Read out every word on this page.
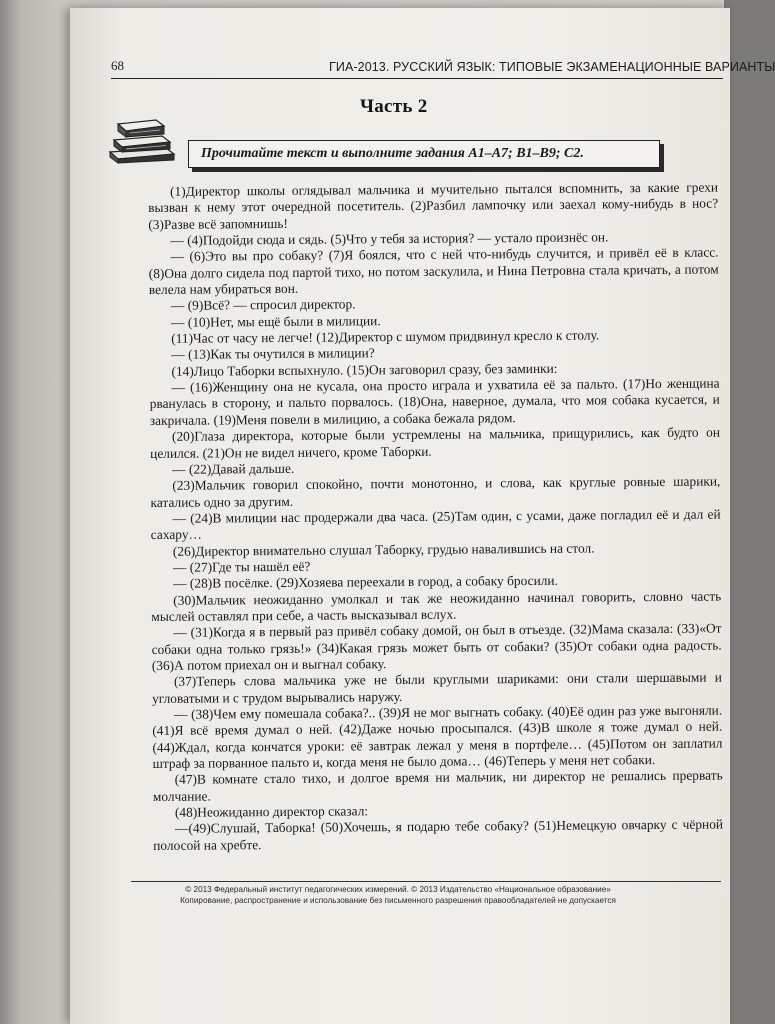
68	ГИА-2013. РУССКИЙ ЯЗЫК: ТИПОВЫЕ ЭКЗАМЕНАЦИОННЫЕ ВАРИАНТЫ
Часть 2
Прочитайте текст и выполните задания A1–A7; B1–B9; C2.

(1)Директор школы оглядывал мальчика и мучительно пытался вспомнить, за какие грехи вызван к нему этот очередной посетитель. (2)Разбил лампочку или заехал кому-нибудь в нос? (3)Разве всё запомнишь!

— (4)Подойди сюда и сядь. (5)Что у тебя за история? — устало произнёс он.

— (6)Это вы про собаку? (7)Я боялся, что с ней что-нибудь случится, и привёл её в класс. (8)Она долго сидела под партой тихо, но потом заскулила, и Нина Петровна стала кричать, а потом велела нам убираться вон.

— (9)Всё? — спросил директор.

— (10)Нет, мы ещё были в милиции.

(11)Час от часу не легче! (12)Директор с шумом придвинул кресло к столу.

— (13)Как ты очутился в милиции?

(14)Лицо Таборки вспыхнуло. (15)Он заговорил сразу, без заминки:

— (16)Женщину она не кусала, она просто играла и ухватила её за пальто. (17)Но женщина рванулась в сторону, и пальто порвалось. (18)Она, наверное, думала, что моя собака кусается, и закричала. (19)Меня повели в милицию, а собака бежала рядом.

(20)Глаза директора, которые были устремлены на мальчика, прищурились, как будто он целился. (21)Он не видел ничего, кроме Таборки.

— (22)Давай дальше.

(23)Мальчик говорил спокойно, почти монотонно, и слова, как круглые ровные шарики, катались одно за другим.

— (24)В милиции нас продержали два часа. (25)Там один, с усами, даже погладил её и дал ей сахару…

(26)Директор внимательно слушал Таборку, грудью навалившись на стол.

— (27)Где ты нашёл её?

— (28)В посёлке. (29)Хозяева переехали в город, а собаку бросили.

(30)Мальчик неожиданно умолкал и так же неожиданно начинал говорить, словно часть мыслей оставлял при себе, а часть высказывал вслух.

— (31)Когда я в первый раз привёл собаку домой, он был в отъезде. (32)Мама сказала: (33)«От собаки одна только грязь!» (34)Какая грязь может быть от собаки? (35)От собаки одна радость. (36)А потом приехал он и выгнал собаку.

(37)Теперь слова мальчика уже не были круглыми шариками: они стали шершавыми и угловатыми и с трудом вырывались наружу.

— (38)Чем ему помешала собака?.. (39)Я не мог выгнать собаку. (40)Её один раз уже выгоняли. (41)Я всё время думал о ней. (42)Даже ночью просыпался. (43)В школе я тоже думал о ней. (44)Ждал, когда кончатся уроки: её завтрак лежал у меня в портфеле… (45)Потом он заплатил штраф за порванное пальто и, когда меня не было дома… (46)Теперь у меня нет собаки.

(47)В комнате стало тихо, и долгое время ни мальчик, ни директор не решались прервать молчание.

(48)Неожиданно директор сказал:

—(49)Слушай, Таборка! (50)Хочешь, я подарю тебе собаку? (51)Немецкую овчарку с чёрной полосой на хребте.

© 2013 Федеральный институт педагогических измерений. © 2013 Издательство «Национальное образование»
Копирование, распространение и использование без письменного разрешения правообладателей не допускается
